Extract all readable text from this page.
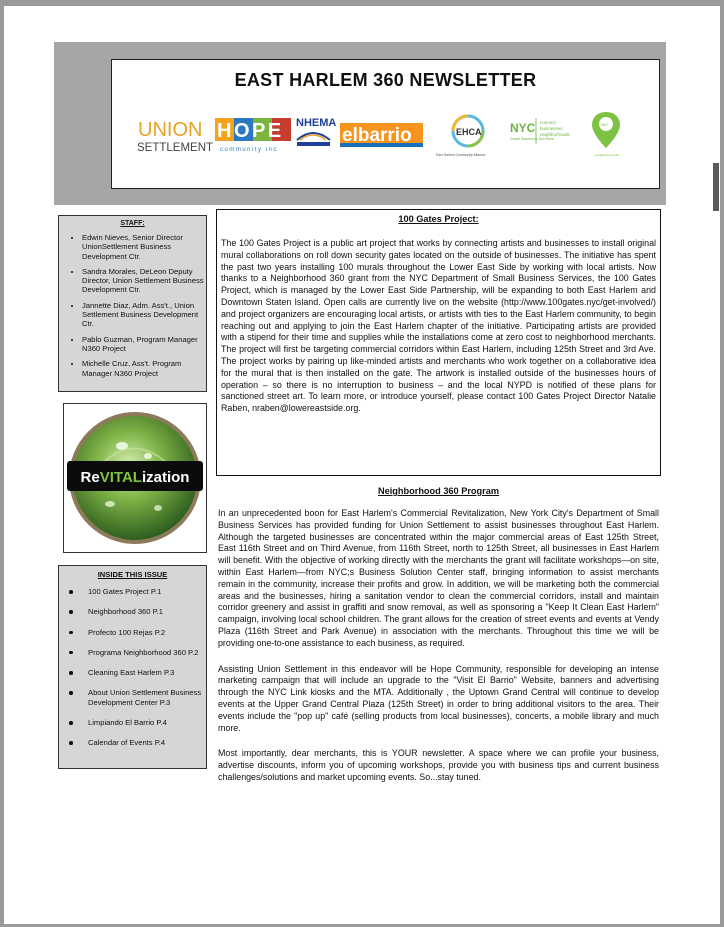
EAST HARLEM 360 NEWSLETTER
UNION
SETTLEMENT
HOPE
community inc
NHEMA
elbarrio	EHCA
East Harlem Community Alliance
NYC
Small Business Services
connect
businesses
neighborhoods
360
neighborhood 360
STAFF:
• Edwin Nieves, Senior Director UnionSettlement Business Development Ctr.
• Sandra Morales, DeLeon Deputy Director, Union Settlement Business Development Ctr.
• Jannette Diaz, Adm. Ass't., Union Settlement Business Development Ctr.
• Pablo Guzman, Program Manager N360 Project
• Michelle Cruz, Ass't. Program Manager N360 Project
ReVITALization
INSIDE THIS ISSUE
100 Gates Project P.1
Neighborhood 360 P.1
Profecto 100 Rejas P.2
Programa Neighborhood 360 P.2
Cleaning East Harlem P.3
About Union Settlement Business Development Center P.3
Limpiando El Barrio P.4
Calendar of Events P.4
100 Gates Project:

The 100 Gates Project is a public art project that works by connecting artists and businesses to install original mural collaborations on roll down security gates located on the outside of businesses. The initiative has spent the past two years installing 100 murals throughout the Lower East Side by working with local artists. Now thanks to a Neighborhood 360 grant from the NYC Department of Small Business Services, the 100 Gates Project, which is managed by the Lower East Side Partnership, will be expanding to both East Harlem and Downtown Staten Island. Open calls are currently live on the website (http://www.100gates.nyc/get-involved/) and project organizers are encouraging local artists, or artists with ties to the East Harlem community, to begin reaching out and applying to join the East Harlem chapter of the initiative. Participating artists are provided with a stipend for their time and supplies while the installations come at zero cost to neighborhood merchants. The project will first be targeting commercial corridors within East Harlem, including 125th Street and 3rd Ave. The project works by pairing up like-minded artists and merchants who work together on a collaborative idea for the mural that is then installed on the gate. The artwork is installed outside of the businesses hours of operation – so there is no interruption to business – and the local NYPD is notified of these plans for sanctioned street art. To learn more, or introduce yourself, please contact 100 Gates Project Director Natalie Raben, nraben@lowereastside.org.

Neighborhood 360 Program

In an unprecedented boon for East Harlem's Commercial Revitalization, New York City's Department of Small Business Services has provided funding for Union Settlement to assist businesses throughout East Harlem. Although the targeted businesses are concentrated within the major commercial areas of East 125th Street, East 116th Street and on Third Avenue, from 116th Street, north to 125th Street, all businesses in East Harlem will benefit. With the objective of working directly with the merchants the grant will facilitate workshops—on site, within East Harlem—from NYC;s Business Solution Center staff, bringing information to assist merchants remain in the community, increase their profits and grow. In addition, we will be marketing both the commercial areas and the businesses, hiring a sanitation vendor to clean the commercial corridors, install and maintain corridor greenery and assist in graffiti and snow removal, as well as sponsoring a "Keep It Clean East Harlem" campaign, involving local school children. The grant allows for the creation of street events and events at Vendy Plaza (116th Street and Park Avenue) in association with the merchants. Throughout this time we will be providing one-to-one assistance to each business, as required.

Assisting Union Settlement in this endeavor will be Hope Community, responsible for developing an intense marketing campaign that will include an upgrade to the "Visit El Barrio" Website, banners and advertising through the NYC Link kiosks and the MTA. Additionally , the Uptown Grand Central will continue to develop events at the Upper Grand Central Plaza (125th Street) in order to bring additional visitors to the area. Their events include the "pop up" café (selling products from local businesses), concerts, a mobile library and much more.

Most importantly, dear merchants, this is YOUR newsletter. A space where we can profile your business, advertise discounts, inform you of upcoming workshops, provide you with business tips and current business challenges/solutions and market upcoming events. So...stay tuned.
